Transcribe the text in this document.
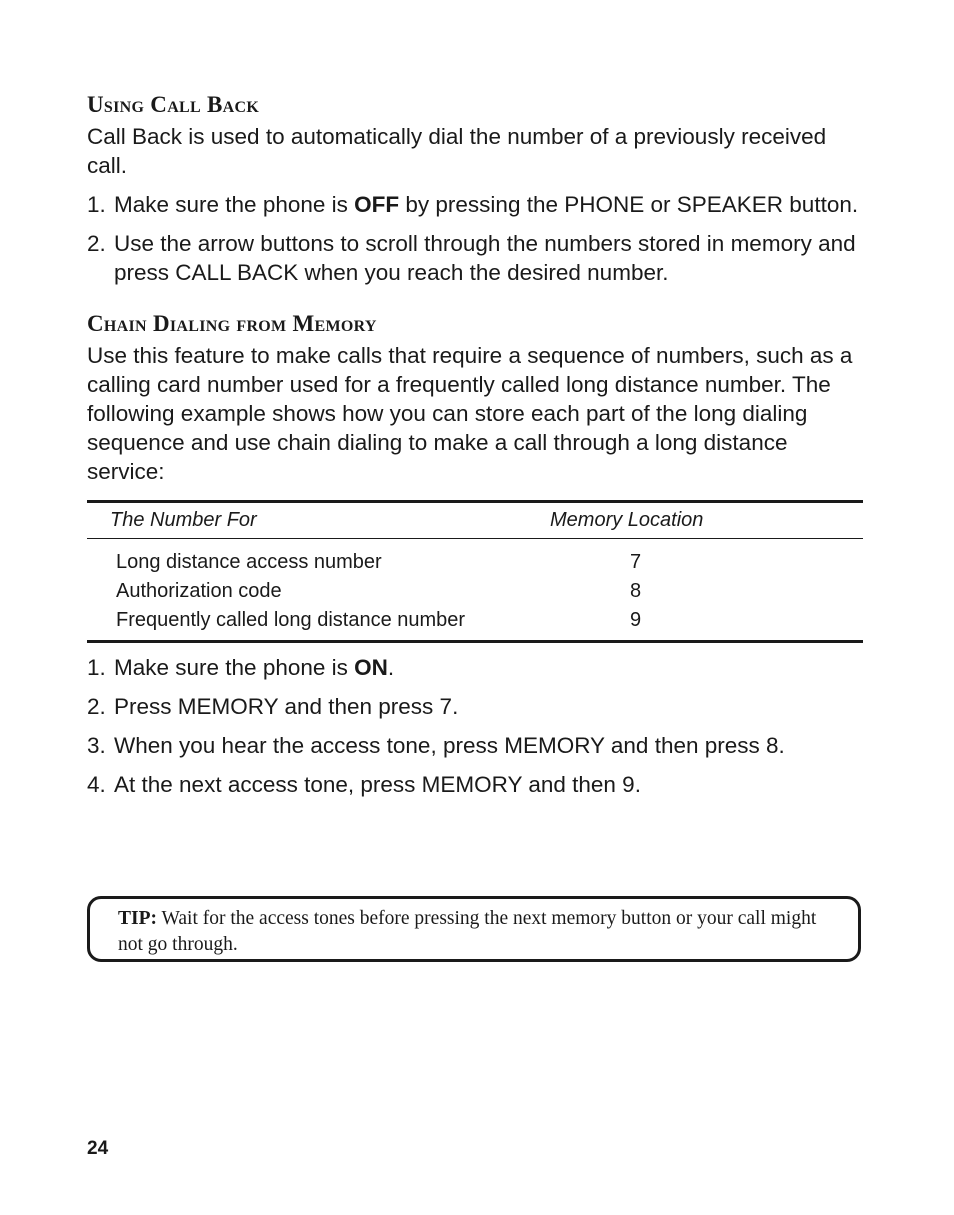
Using Call Back

Call Back is used to automatically dial the number of a previously received call.

1. Make sure the phone is OFF by pressing the PHONE or SPEAKER button.
2. Use the arrow buttons to scroll through the numbers stored in memory and press CALL BACK when you reach the desired number.
Chain Dialing from Memory

Use this feature to make calls that require a sequence of numbers, such as a calling card number used for a frequently called long distance number. The following example shows how you can store each part of the long dialing sequence and use chain dialing to make a call through a long distance service:

The Number For	Memory Location
Long distance access number	7
Authorization code	8
Frequently called long distance number	9
1. Make sure the phone is ON.
2. Press MEMORY and then press 7.
3. When you hear the access tone, press MEMORY and then press 8.
4. At the next access tone, press MEMORY and then 9.
TIP: Wait for the access tones before pressing the next memory button or your call might not go through.
24
